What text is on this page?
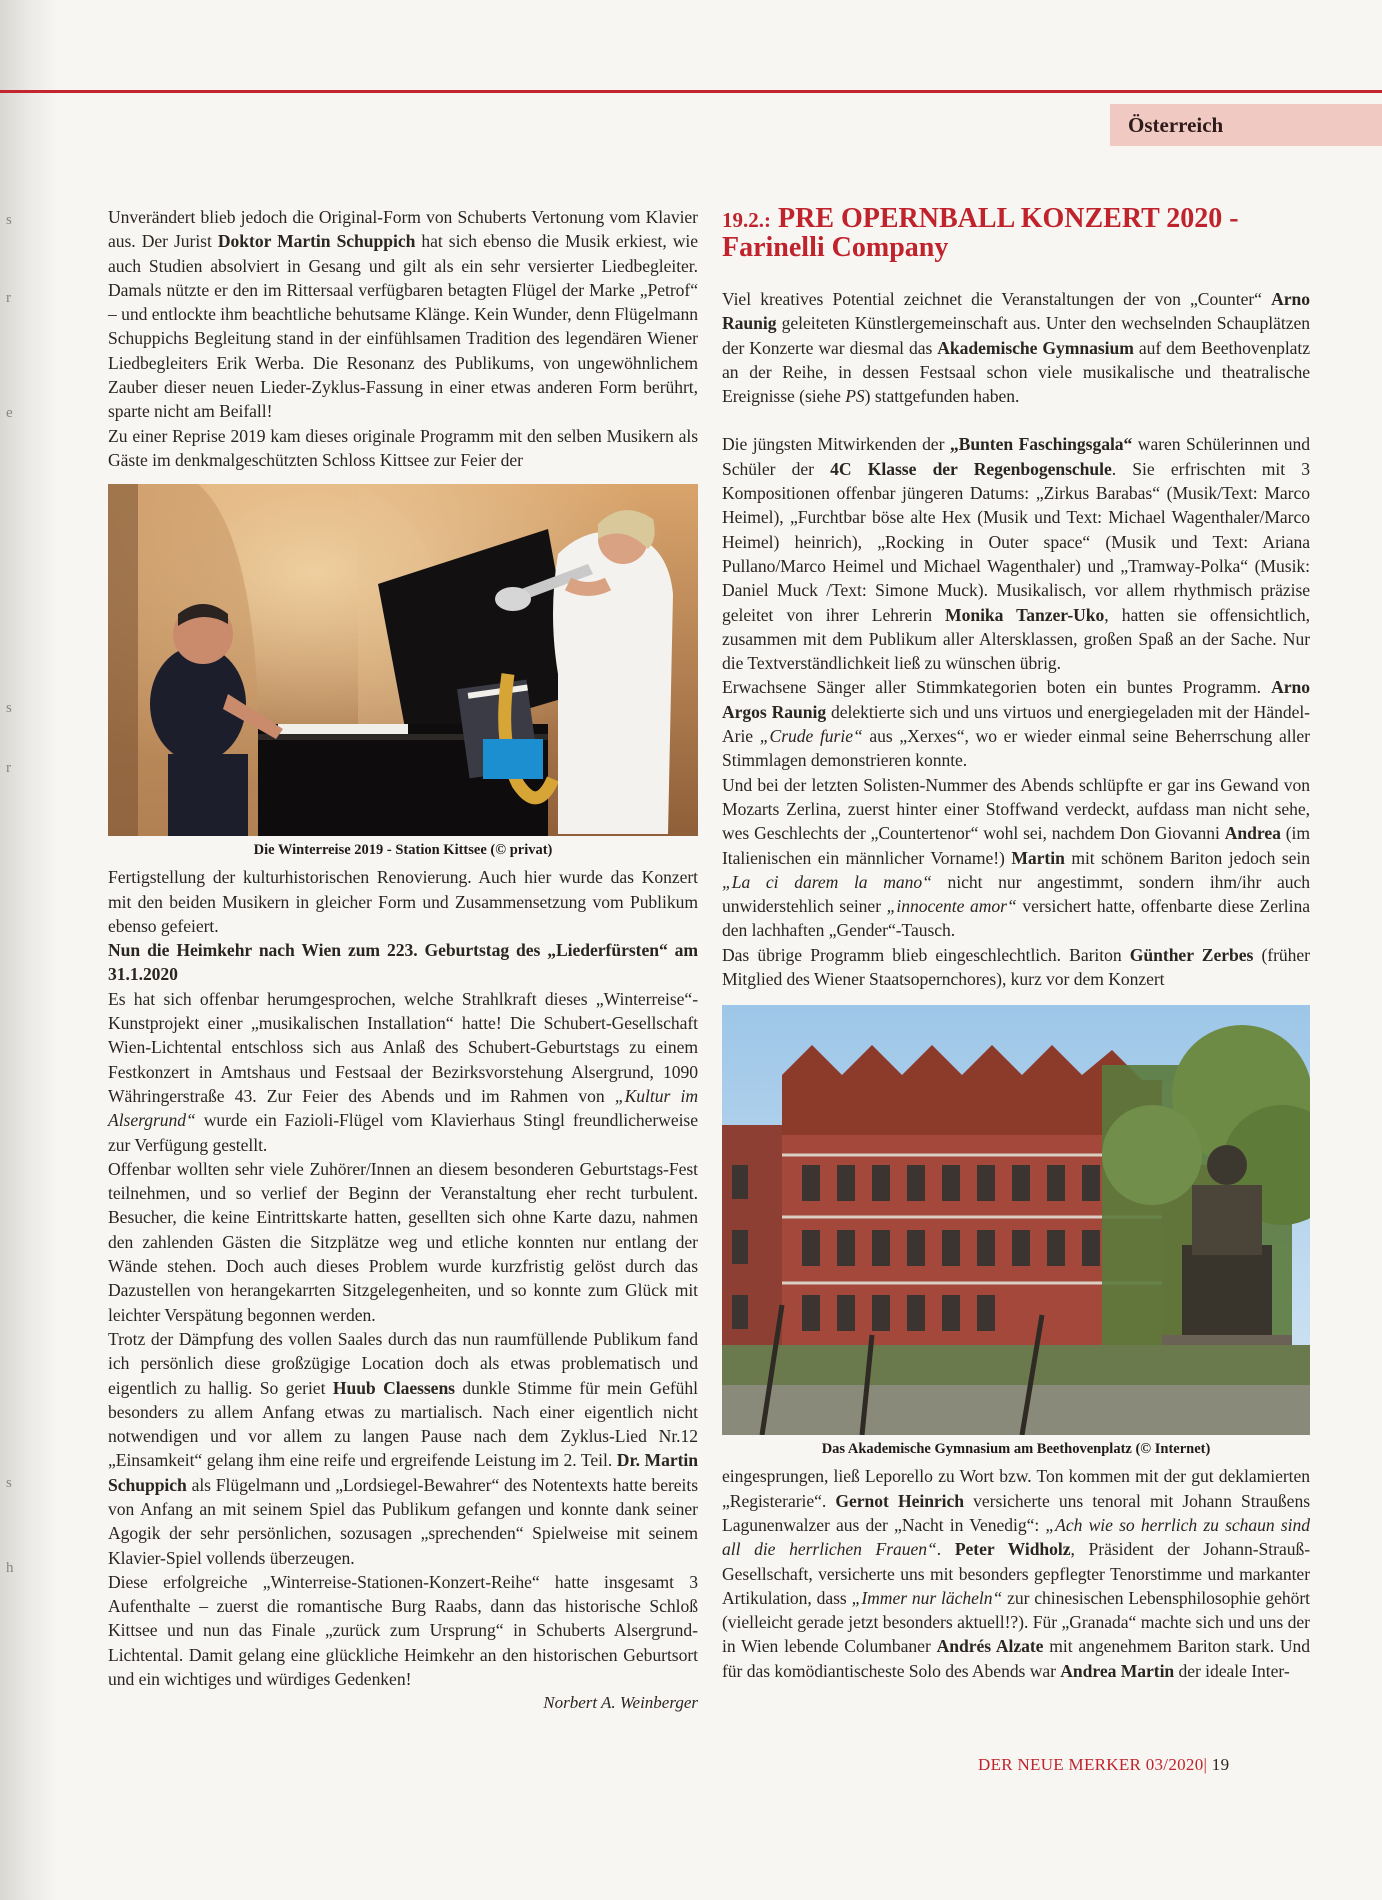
s
r
e
s
r
s
h
Österreich

Unverändert blieb jedoch die Original-Form von Schuberts Vertonung vom Klavier aus. Der Jurist Doktor Martin Schuppich hat sich ebenso die Musik erkiest, wie auch Studien absolviert in Gesang und gilt als ein sehr versierter Liedbegleiter. Damals nützte er den im Rittersaal verfügbaren betagten Flügel der Marke „Petrof“ – und entlockte ihm beachtliche behutsame Klänge. Kein Wunder, denn Flügelmann Schuppichs Begleitung stand in der einfühlsamen Tradition des legendären Wiener Liedbegleiters Erik Werba. Die Resonanz des Publikums, von ungewöhnlichem Zauber dieser neuen Lieder-Zyklus-Fassung in einer etwas anderen Form berührt, sparte nicht am Beifall!

Zu einer Reprise 2019 kam dieses originale Programm mit den selben Musikern als Gäste im denkmalgeschützten Schloss Kittsee zur Feier der

Die Winterreise 2019 - Station Kittsee (© privat)

Fertigstellung der kulturhistorischen Renovierung. Auch hier wurde das Konzert mit den beiden Musikern in gleicher Form und Zusammensetzung vom Publikum ebenso gefeiert.

Nun die Heimkehr nach Wien zum 223. Geburtstag des „Liederfürsten“ am 31.1.2020

Es hat sich offenbar herumgesprochen, welche Strahlkraft dieses „Winterreise“-Kunstprojekt einer „musikalischen Installation“ hatte! Die Schubert-Gesellschaft Wien-Lichtental entschloss sich aus Anlaß des Schubert-Geburtstags zu einem Festkonzert in Amtshaus und Festsaal der Bezirksvorstehung Alsergrund, 1090 Währingerstraße 43. Zur Feier des Abends und im Rahmen von „Kultur im Alsergrund“ wurde ein Fazioli-Flügel vom Klavierhaus Stingl freundlicherweise zur Verfügung gestellt.

Offenbar wollten sehr viele Zuhörer/Innen an diesem besonderen Geburtstags-Fest teilnehmen, und so verlief der Beginn der Veranstaltung eher recht turbulent. Besucher, die keine Eintrittskarte hatten, gesellten sich ohne Karte dazu, nahmen den zahlenden Gästen die Sitzplätze weg und etliche konnten nur entlang der Wände stehen. Doch auch dieses Problem wurde kurzfristig gelöst durch das Dazustellen von herangekarrten Sitzgelegenheiten, und so konnte zum Glück mit leichter Verspätung begonnen werden.

Trotz der Dämpfung des vollen Saales durch das nun raumfüllende Publikum fand ich persönlich diese großzügige Location doch als etwas problematisch und eigentlich zu hallig. So geriet Huub Claessens dunkle Stimme für mein Gefühl besonders zu allem Anfang etwas zu martialisch. Nach einer eigentlich nicht notwendigen und vor allem zu langen Pause nach dem Zyklus-Lied Nr.12 „Einsamkeit“ gelang ihm eine reife und ergreifende Leistung im 2. Teil. Dr. Martin Schuppich als Flügelmann und „Lordsiegel-Bewahrer“ des Notentexts hatte bereits von Anfang an mit seinem Spiel das Publikum gefangen und konnte dank seiner Agogik der sehr persönlichen, sozusagen „sprechenden“ Spielweise mit seinem Klavier-Spiel vollends überzeugen.

Diese erfolgreiche „Winterreise-Stationen-Konzert-Reihe“ hatte insgesamt 3 Aufenthalte – zuerst die romantische Burg Raabs, dann das historische Schloß Kittsee und nun das Finale „zurück zum Ursprung“ in Schuberts Alsergrund-Lichtental. Damit gelang eine glückliche Heimkehr an den historischen Geburtsort und ein wichtiges und würdiges Gedenken!

Norbert A. Weinberger
19.2.: PRE OPERNBALL KONZERT 2020 - Farinelli Company

Viel kreatives Potential zeichnet die Veranstaltungen der von „Counter“ Arno Raunig geleiteten Künstlergemeinschaft aus. Unter den wechselnden Schauplätzen der Konzerte war diesmal das Akademische Gymnasium auf dem Beethovenplatz an der Reihe, in dessen Festsaal schon viele musikalische und theatralische Ereignisse (siehe PS) stattgefunden haben.

Die jüngsten Mitwirkenden der „Bunten Faschingsgala“ waren Schülerinnen und Schüler der 4C Klasse der Regenbogenschule. Sie erfrischten mit 3 Kompositionen offenbar jüngeren Datums: „Zirkus Barabas“ (Musik/Text: Marco Heimel), „Furchtbar böse alte Hex (Musik und Text: Michael Wagenthaler/Marco Heimel) heinrich), „Rocking in Outer space“ (Musik und Text: Ariana Pullano/Marco Heimel und Michael Wagenthaler) und „Tramway-Polka“ (Musik: Daniel Muck /Text: Simone Muck). Musikalisch, vor allem rhythmisch präzise geleitet von ihrer Lehrerin Monika Tanzer-Uko, hatten sie offensichtlich, zusammen mit dem Publikum aller Altersklassen, großen Spaß an der Sache. Nur die Textverständlichkeit ließ zu wünschen übrig.

Erwachsene Sänger aller Stimmkategorien boten ein buntes Programm. Arno Argos Raunig delektierte sich und uns virtuos und energiegeladen mit der Händel-Arie „Crude furie“ aus „Xerxes“, wo er wieder einmal seine Beherrschung aller Stimmlagen demonstrieren konnte.

Und bei der letzten Solisten-Nummer des Abends schlüpfte er gar ins Gewand von Mozarts Zerlina, zuerst hinter einer Stoffwand verdeckt, aufdass man nicht sehe, wes Geschlechts der „Countertenor“ wohl sei, nachdem Don Giovanni Andrea (im Italienischen ein männlicher Vorname!) Martin mit schönem Bariton jedoch sein „La ci darem la mano“ nicht nur angestimmt, sondern ihm/ihr auch unwiderstehlich seiner „innocente amor“ versichert hatte, offenbarte diese Zerlina den lachhaften „Gender“-Tausch.

Das übrige Programm blieb eingeschlechtlich. Bariton Günther Zerbes (früher Mitglied des Wiener Staatsopernchores), kurz vor dem Konzert

Das Akademische Gymnasium am Beethovenplatz (© Internet)

eingesprungen, ließ Leporello zu Wort bzw. Ton kommen mit der gut deklamierten „Registerarie“. Gernot Heinrich versicherte uns tenoral mit Johann Straußens Lagunenwalzer aus der „Nacht in Venedig“: „Ach wie so herrlich zu schaun sind all die herrlichen Frauen“. Peter Widholz, Präsident der Johann-Strauß-Gesellschaft, versicherte uns mit besonders gepflegter Tenorstimme und markanter Artikulation, dass „Immer nur lächeln“ zur chinesischen Lebensphilosophie gehört (vielleicht gerade jetzt besonders aktuell!?). Für „Granada“ machte sich und uns der in Wien lebende Columbaner Andrés Alzate mit angenehmem Bariton stark. Und für das komödiantischeste Solo des Abends war Andrea Martin der ideale Inter-

DER NEUE MERKER 03/2020| 19
